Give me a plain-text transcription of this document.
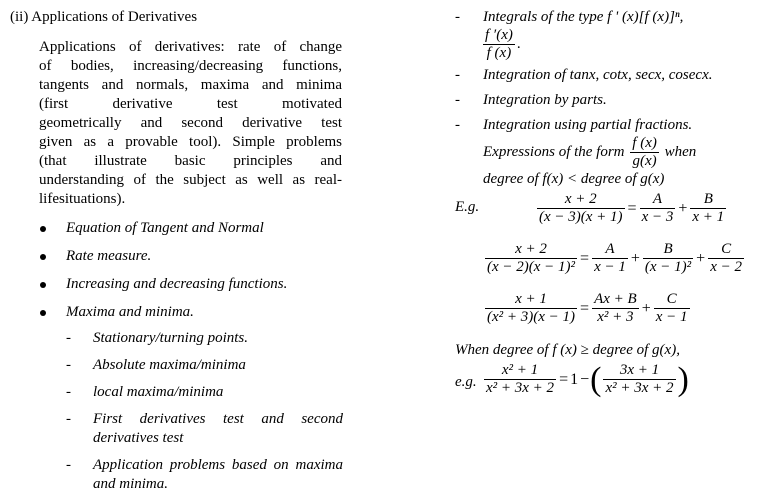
(ii) Applications of Derivatives
Applications of derivatives: rate of change
of bodies, increasing/decreasing functions,
tangents and normals, maxima and minima
(first derivative test motivated
geometrically and second derivative test
given as a provable tool). Simple problems
(that illustrate basic principles and
understanding of the subject as well as real-
lifesituations).
Equation of Tangent and Normal
Rate measure.
Increasing and decreasing functions.
Maxima and minima.
- Stationary/turning points.
- Absolute maxima/minima
- local maxima/minima
- First derivatives test and second derivatives test
- Application problems based on maxima and minima.
- Integrals of the type f ' (x)[f (x)]ⁿ,

$\frac{f '(x)}{f (x)}$ .
- Integration of tanx, cotx, secx, cosecx.
- Integration by parts.
- Integration using partial fractions.
Expressions of the form $\frac{f (x)}{g(x)}$ when
degree of f(x) < degree of g(x)
E.g.	$\frac{x + 2}{(x - 3)(x + 1)} = \frac{A}{x - 3} + \frac{B}{x + 1}$
$\frac{x + 2}{\text{(x − 2)(x − 1)²}} = \frac{A}{x - 1} + \frac{B}{\text{(x − 1)²}} + \frac{C}{x - 2}$
$\frac{x + 1}{\text{(x² + 3)(x − 1)}} = \frac{Ax + B}{\text{x² + 3}} + \frac{C}{x - 1}$
When degree of f (x) ≥ degree of g(x),
e.g. $\frac{\text{x² + 1}}{\text{x² + 3x + 2}} = 1$ −( $\frac{3x + 1}{\text{x² + 3x + 2}}$ )
